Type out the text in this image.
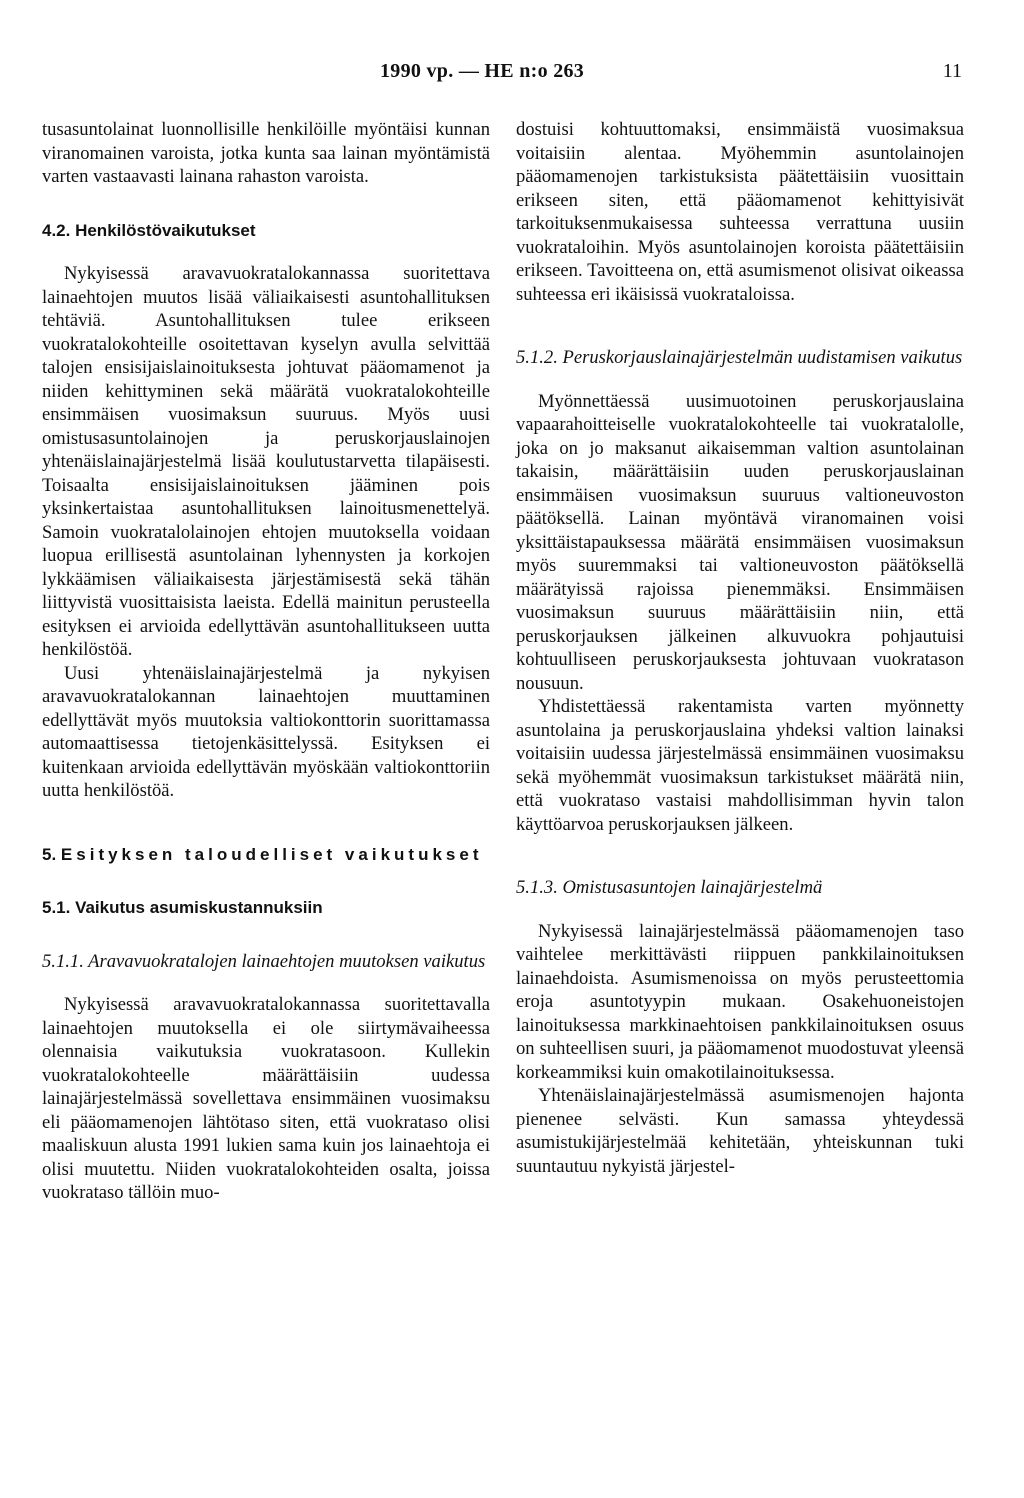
1990 vp. — HE n:o 263	11

tusasuntolainat luonnollisille henkilöille myöntäisi kunnan viranomainen varoista, jotka kunta saa lainan myöntämistä varten vastaavasti lainana rahaston varoista.

4.2. Henkilöstövaikutukset

Nykyisessä aravavuokratalokannassa suoritettava lainaehtojen muutos lisää väliaikaisesti asuntohallituksen tehtäviä. Asuntohallituksen tulee erikseen vuokratalokohteille osoitettavan kyselyn avulla selvittää talojen ensisijaislainoituksesta johtuvat pääomamenot ja niiden kehittyminen sekä määrätä vuokratalokohteille ensimmäisen vuosimaksun suuruus. Myös uusi omistusasuntolainojen ja peruskorjauslainojen yhtenäislainajärjestelmä lisää koulutustarvetta tilapäisesti. Toisaalta ensisijaislainoituksen jääminen pois yksinkertaistaa asuntohallituksen lainoitusmenettelyä. Samoin vuokratalolainojen ehtojen muutoksella voidaan luopua erillisestä asuntolainan lyhennysten ja korkojen lykkäämisen väliaikaisesta järjestämisestä sekä tähän liittyvistä vuosittaisista laeista. Edellä mainitun perusteella esityksen ei arvioida edellyttävän asuntohallitukseen uutta henkilöstöä.

Uusi yhtenäislainajärjestelmä ja nykyisen aravavuokratalokannan lainaehtojen muuttaminen edellyttävät myös muutoksia valtiokonttorin suorittamassa automaattisessa tietojenkäsittelyssä. Esityksen ei kuitenkaan arvioida edellyttävän myöskään valtiokonttoriin uutta henkilöstöä.

5. Esityksen taloudelliset vaikutukset

5.1. Vaikutus asumiskustannuksiin

5.1.1. Aravavuokratalojen lainaehtojen muutoksen vaikutus

Nykyisessä aravavuokratalokannassa suoritettavalla lainaehtojen muutoksella ei ole siirtymävaiheessa olennaisia vaikutuksia vuokratasoon. Kullekin vuokratalokohteelle määrättäisiin uudessa lainajärjestelmässä sovellettava ensimmäinen vuosimaksu eli pääomamenojen lähtötaso siten, että vuokrataso olisi maaliskuun alusta 1991 lukien sama kuin jos lainaehtoja ei olisi muutettu. Niiden vuokratalokohteiden osalta, joissa vuokrataso tällöin muo-

dostuisi kohtuuttomaksi, ensimmäistä vuosimaksua voitaisiin alentaa. Myöhemmin asuntolainojen pääomamenojen tarkistuksista päätettäisiin vuosittain erikseen siten, että pääomamenot kehittyisivät tarkoituksenmukaisessa suhteessa verrattuna uusiin vuokrataloihin. Myös asuntolainojen koroista päätettäisiin erikseen. Tavoitteena on, että asumismenot olisivat oikeassa suhteessa eri ikäisissä vuokrataloissa.

5.1.2. Peruskorjauslainajärjestelmän uudistamisen vaikutus

Myönnettäessä uusimuotoinen peruskorjauslaina vapaarahoitteiselle vuokratalokohteelle tai vuokratalolle, joka on jo maksanut aikaisemman valtion asuntolainan takaisin, määrättäisiin uuden peruskorjauslainan ensimmäisen vuosimaksun suuruus valtioneuvoston päätöksellä. Lainan myöntävä viranomainen voisi yksittäistapauksessa määrätä ensimmäisen vuosimaksun myös suuremmaksi tai valtioneuvoston päätöksellä määrätyissä rajoissa pienemmäksi. Ensimmäisen vuosimaksun suuruus määrättäisiin niin, että peruskorjauksen jälkeinen alkuvuokra pohjautuisi kohtuulliseen peruskorjauksesta johtuvaan vuokratason nousuun.

Yhdistettäessä rakentamista varten myönnetty asuntolaina ja peruskorjauslaina yhdeksi valtion lainaksi voitaisiin uudessa järjestelmässä ensimmäinen vuosimaksu sekä myöhemmät vuosimaksun tarkistukset määrätä niin, että vuokrataso vastaisi mahdollisimman hyvin talon käyttöarvoa peruskorjauksen jälkeen.

5.1.3. Omistusasuntojen lainajärjestelmä

Nykyisessä lainajärjestelmässä pääomamenojen taso vaihtelee merkittävästi riippuen pankkilainoituksen lainaehdoista. Asumismenoissa on myös perusteettomia eroja asuntotyypin mukaan. Osakehuoneistojen lainoituksessa markkinaehtoisen pankkilainoituksen osuus on suhteellisen suuri, ja pääomamenot muodostuvat yleensä korkeammiksi kuin omakotilainoituksessa.

Yhtenäislainajärjestelmässä asumismenojen hajonta pienenee selvästi. Kun samassa yhteydessä asumistukijärjestelmää kehitetään, yhteiskunnan tuki suuntautuu nykyistä järjestel-
